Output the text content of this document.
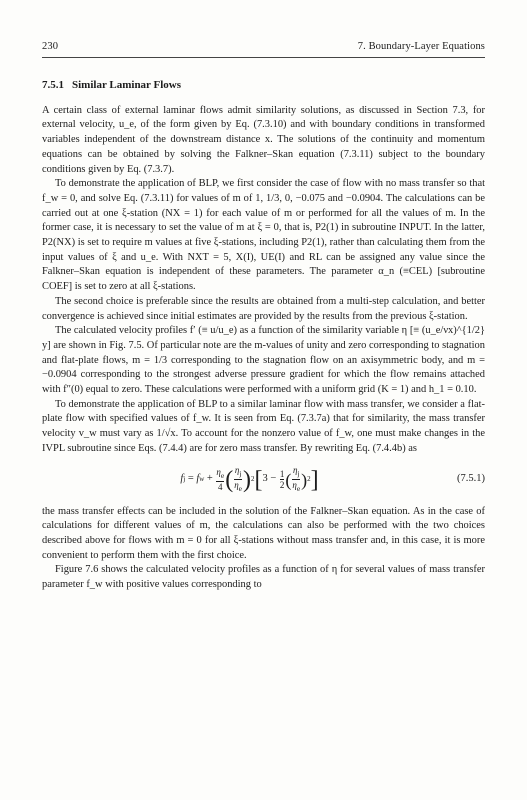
230	7. Boundary-Layer Equations
7.5.1 Similar Laminar Flows

A certain class of external laminar flows admit similarity solutions, as discussed in Section 7.3, for external velocity, u_e, of the form given by Eq. (7.3.10) and with boundary conditions in transformed variables independent of the downstream distance x. The solutions of the continuity and momentum equations can be obtained by solving the Falkner–Skan equation (7.3.11) subject to the boundary conditions given by Eq. (7.3.7).

To demonstrate the application of BLP, we first consider the case of flow with no mass transfer so that f_w = 0, and solve Eq. (7.3.11) for values of m of 1, 1/3, 0, −0.075 and −0.0904. The calculations can be carried out at one ξ-station (NX = 1) for each value of m or performed for all the values of m. In the former case, it is necessary to set the value of m at ξ = 0, that is, P2(1) in subroutine INPUT. In the latter, P2(NX) is set to require m values at five ξ-stations, including P2(1), rather than calculating them from the input values of ξ and u_e. With NXT = 5, X(I), UE(I) and RL can be assigned any value since the Falkner–Skan equation is independent of these parameters. The parameter α_n (≡CEL) [subroutine COEF] is set to zero at all ξ-stations.

The second choice is preferable since the results are obtained from a multi-step calculation, and better convergence is achieved since initial estimates are provided by the results from the previous ξ-station.

The calculated velocity profiles f′ (≡ u/u_e) as a function of the similarity variable η [≡ (u_e/νx)^{1/2} y] are shown in Fig. 7.5. Of particular note are the m-values of unity and zero corresponding to stagnation and flat-plate flows, m = 1/3 corresponding to the stagnation flow on an axisymmetric body, and m = −0.0904 corresponding to the strongest adverse pressure gradient for which the flow remains attached with f″(0) equal to zero. These calculations were performed with a uniform grid (K = 1) and h_1 = 0.10.

To demonstrate the application of BLP to a similar laminar flow with mass transfer, we consider a flat-plate flow with specified values of f_w. It is seen from Eq. (7.3.7a) that for similarity, the mass transfer velocity v_w must vary as 1/√x. To account for the nonzero value of f_w, one must make changes in the IVPL subroutine since Eqs. (7.4.4) are for zero mass transfer. By rewriting Eq. (7.4.4b) as

f j = f $w + \frac{\eta_e}{4}$ ( $\frac{\eta_j}{\eta_e}$ ) 2 [ $3 - \frac{1}{2}$ ( $\frac{\eta_j}{\eta_e}$ ) 2 ]	(7.5.1)

the mass transfer effects can be included in the solution of the Falkner–Skan equation. As in the case of calculations for different values of m, the calculations can also be performed with the two choices described above for flows with m = 0 for all ξ-stations without mass transfer and, in this case, it is more convenient to perform them with the first choice.

Figure 7.6 shows the calculated velocity profiles as a function of η for several values of mass transfer parameter f_w with positive values corresponding to
